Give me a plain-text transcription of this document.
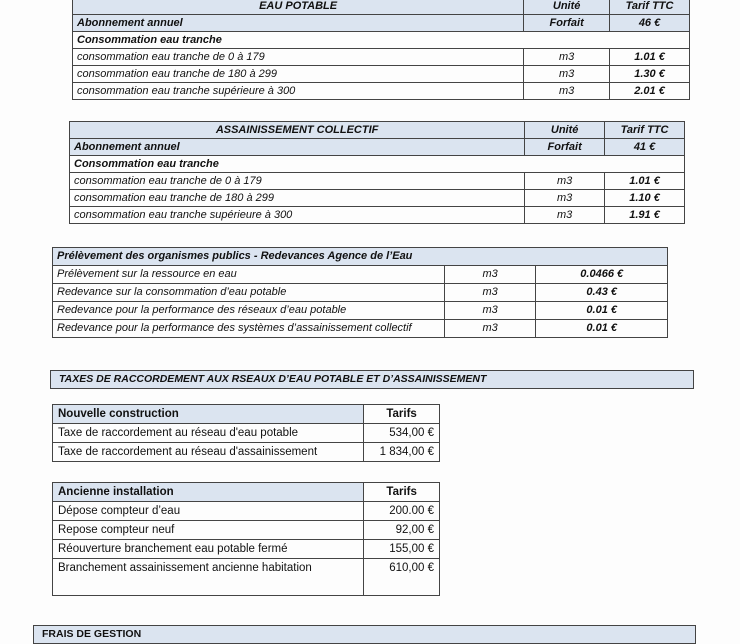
EAU POTABLE	Unité	Tarif TTC
Abonnement annuel	Forfait	46 €
Consommation eau tranche		
consommation eau tranche de 0 à 179	m3	1.01 €
consommation eau tranche de 180 à 299	m3	1.30 €
consommation eau tranche supérieure à 300	m3	2.01 €
ASSAINISSEMENT COLLECTIF	Unité	Tarif TTC
Abonnement annuel	Forfait	41 €
Consommation eau tranche		
consommation eau tranche de 0 à 179	m3	1.01 €
consommation eau tranche de 180 à 299	m3	1.10 €
consommation eau tranche supérieure à 300	m3	1.91 €
Prélèvement des organismes publics - Redevances Agence de l’Eau		
Prélèvement sur la ressource en eau	m3	0.0466 €
Redevance sur la consommation d’eau potable	m3	0.43 €
Redevance pour la performance des réseaux d’eau potable	m3	0.01 €
Redevance pour la performance des systèmes d’assainissement collectif	m3	0.01 €
TAXES DE RACCORDEMENT AUX RSEAUX D’EAU POTABLE ET D’ASSAINISSEMENT
Nouvelle construction	Tarifs
Taxe de raccordement au réseau d'eau potable	534,00 €
Taxe de raccordement au réseau d'assainissement	1 834,00 €
Ancienne installation	Tarifs
Dépose compteur d’eau	200.00 €
Repose compteur neuf	92,00 €
Réouverture branchement eau potable fermé	155,00 €
Branchement assainissement ancienne habitation	610,00 €
FRAIS DE GESTION
